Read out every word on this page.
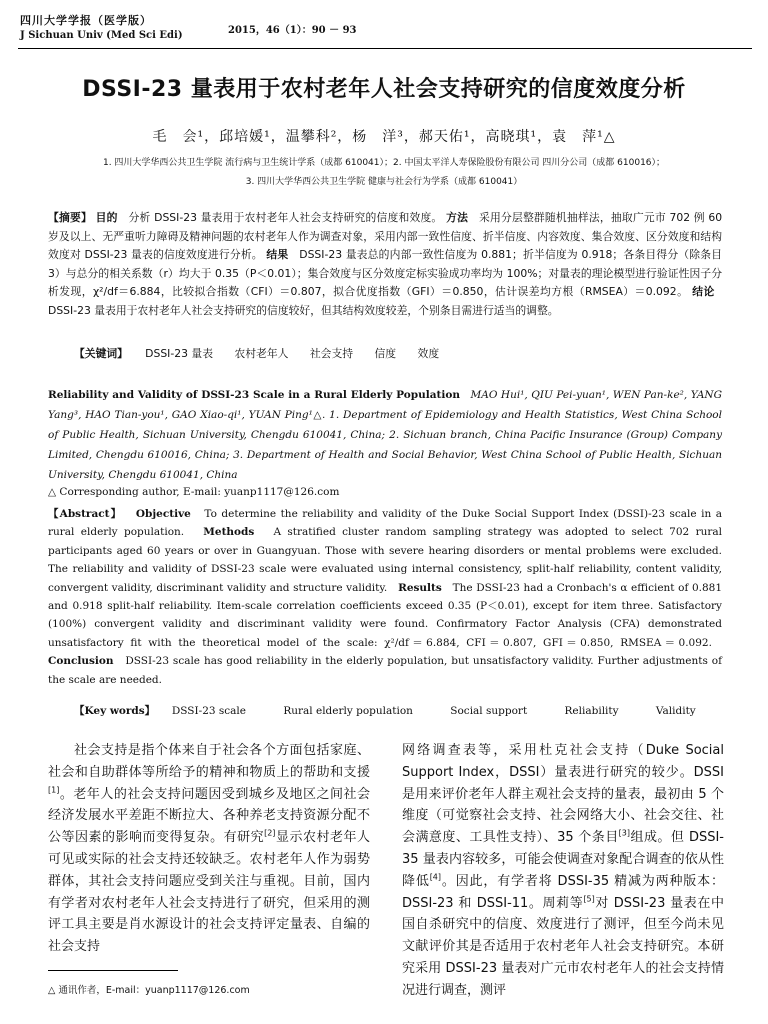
四川大学学报（医学版）
J Sichuan Univ (Med Sci Edi)	2015，46（1）：90 － 93
DSSI-23 量表用于农村老年人社会支持研究的信度效度分析
毛　会¹，邱培媛¹，温攀科²，杨　洋³，郝天佑¹，高晓琪¹，袁　萍¹△
1. 四川大学华西公共卫生学院 流行病与卫生统计学系（成都 610041）；2. 中国太平洋人寿保险股份有限公司 四川分公司（成都 610016）；
3. 四川大学华西公共卫生学院 健康与社会行为学系（成都 610041）
【摘要】 目的 分析 DSSI-23 量表用于农村老年人社会支持研究的信度和效度。 方法 采用分层整群随机抽样法，抽取广元市 702 例 60 岁及以上、无严重听力障碍及精神问题的农村老年人作为调查对象，采用内部一致性信度、折半信度、内容效度、集合效度、区分效度和结构效度对 DSSI-23 量表的信度效度进行分析。 结果 DSSI-23 量表总的内部一致性信度为 0.881；折半信度为 0.918；各条目得分（除条目 3）与总分的相关系数（r）均大于 0.35（P＜0.01）；集合效度与区分效度定标实验成功率均为 100%；对量表的理论模型进行验证性因子分析发现，χ²/df＝6.884，比较拟合指数（CFI）＝0.807，拟合优度指数（GFI）＝0.850，估计误差均方根（RMSEA）＝0.092。 结论   DSSI-23 量表用于农村老年人社会支持研究的信度较好，但其结构效度较差，个别条目需进行适当的调整。
【关键词】 DSSI-23 量表 农村老年人 社会支持 信度 效度
Reliability and Validity of DSSI-23 Scale in a Rural Elderly Population MAO Hui¹, QIU Pei-yuan¹, WEN Pan-ke², YANG Yang³, HAO Tian-you¹, GAO Xiao-qi¹, YUAN Ping¹△. 1. Department of Epidemiology and Health Statistics, West China School of Public Health, Sichuan University, Chengdu 610041, China; 2. Sichuan branch, China Pacific Insurance (Group) Company Limited, Chengdu 610016, China; 3. Department of Health and Social Behavior, West China School of Public Health, Sichuan University, Chengdu 610041, China
△ Corresponding author, E-mail: yuanp1117@126.com
【Abstract】 Objective To determine the reliability and validity of the Duke Social Support Index (DSSI)-23 scale in a rural elderly population. Methods A stratified cluster random sampling strategy was adopted to select 702 rural participants aged 60 years or over in Guangyuan. Those with severe hearing disorders or mental problems were excluded. The reliability and validity of DSSI-23 scale were evaluated using internal consistency, split-half reliability, content validity, convergent validity, discriminant validity and structure validity. Results The DSSI-23 had a Cronbach's α efficient of 0.881 and 0.918 split-half reliability. Item-scale correlation coefficients exceed 0.35 (P＜0.01), except for item three. Satisfactory (100%) convergent validity and discriminant validity were found. Confirmatory Factor Analysis (CFA) demonstrated unsatisfactory fit with the theoretical model of the scale: χ²/df＝6.884, CFI＝0.807, GFI＝0.850, RMSEA＝0.092.   Conclusion DSSI-23 scale has good reliability in the elderly population, but unsatisfactory validity. Further adjustments of the scale are needed.
【Key words】 DSSI-23 scale	Rural elderly population	Social support	Reliability	Validity

社会支持是指个体来自于社会各个方面包括家庭、社会和自助群体等所给予的精神和物质上的帮助和支援[1]。老年人的社会支持问题因受到城乡及地区之间社会经济发展水平差距不断拉大、各种养老支持资源分配不公等因素的影响而变得复杂。有研究[2]显示农村老年人可见或实际的社会支持还较缺乏。农村老年人作为弱势群体，其社会支持问题应受到关注与重视。目前，国内有学者对农村老年人社会支持进行了研究，但采用的测评工具主要是肖水源设计的社会支持评定量表、自编的社会支持

网络调查表等，采用杜克社会支持（Duke Social Support Index，DSSI）量表进行研究的较少。DSSI 是用来评价老年人群主观社会支持的量表，最初由 5 个维度（可觉察社会支持、社会网络大小、社会交往、社会满意度、工具性支持）、35 个条目[3]组成。但 DSSI-35 量表内容较多，可能会使调查对象配合调查的依从性降低[4]。因此，有学者将 DSSI-35 精减为两种版本：DSSI-23 和 DSSI-11。周莉等[5]对 DSSI-23 量表在中国自杀研究中的信度、效度进行了测评，但至今尚未见文献评价其是否适用于农村老年人社会支持研究。本研究采用 DSSI-23 量表对广元市农村老年人的社会支持情况进行调查，测评

△ 通讯作者，E-mail：yuanp1117@126.com
